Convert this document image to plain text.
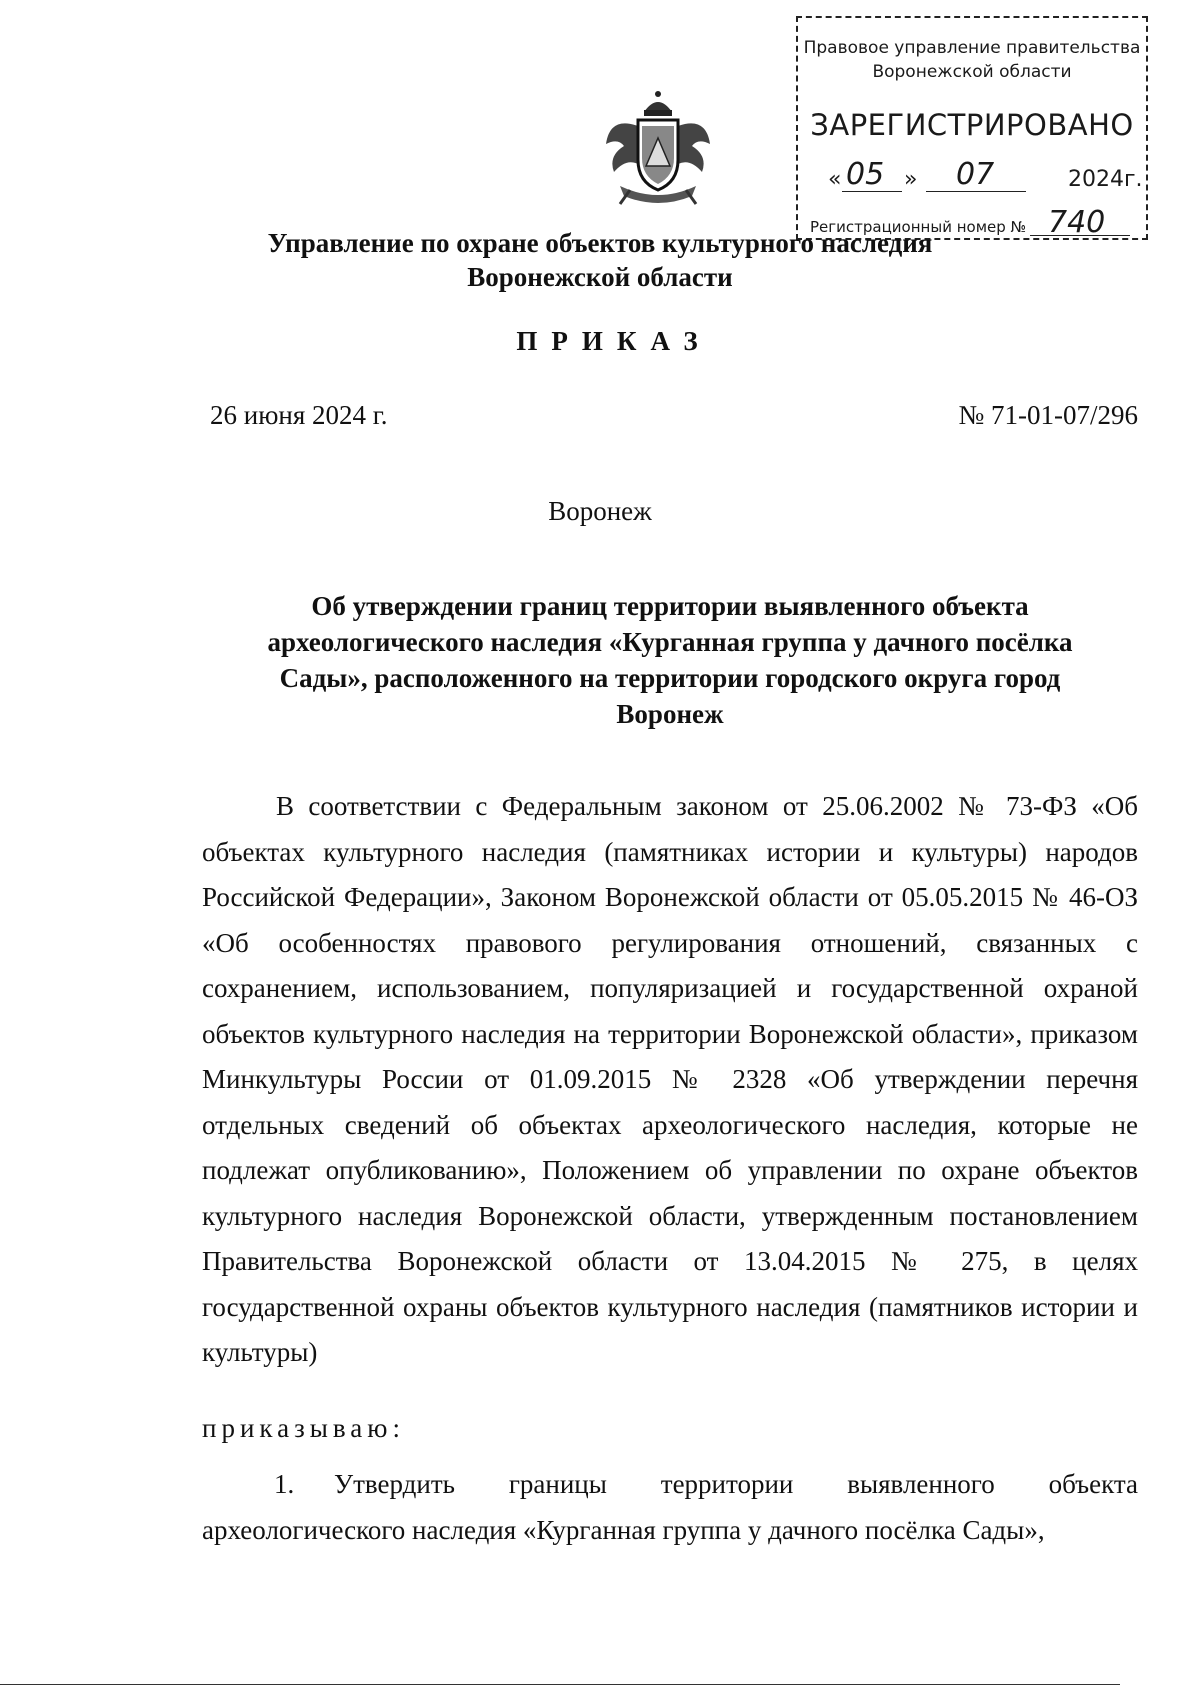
Правовое управление правительства
Воронежской области
ЗАРЕГИСТРИРОВАНО
« 05 » 07	2024г.
Регистрационный номер № 740
Управление по охране объектов культурного наследия
Воронежской области
ПРИКАЗ
26 июня 2024 г.	№ 71-01-07/296
Воронеж
Об утверждении границ территории выявленного объекта археологического наследия «Курганная группа у дачного посёлка Сады», расположенного на территории городского округа город Воронеж
В соответствии с Федеральным законом от 25.06.2002 № 73-ФЗ «Об объектах культурного наследия (памятниках истории и культуры) народов Российской Федерации», Законом Воронежской области от 05.05.2015 № 46-ОЗ «Об особенностях правового регулирования отношений, связанных с сохранением, использованием, популяризацией и государственной охраной объектов культурного наследия на территории Воронежской области», приказом Минкультуры России от 01.09.2015 № 2328 «Об утверждении перечня отдельных сведений об объектах археологического наследия, которые не подлежат опубликованию», Положением об управлении по охране объектов культурного наследия Воронежской области, утвержденным постановлением Правительства Воронежской области от 13.04.2015 № 275, в целях государственной охраны объектов культурного наследия (памятников истории и культуры)
приказываю:
1. Утвердить границы территории выявленного объекта археологического наследия «Курганная группа у дачного посёлка Сады»,
